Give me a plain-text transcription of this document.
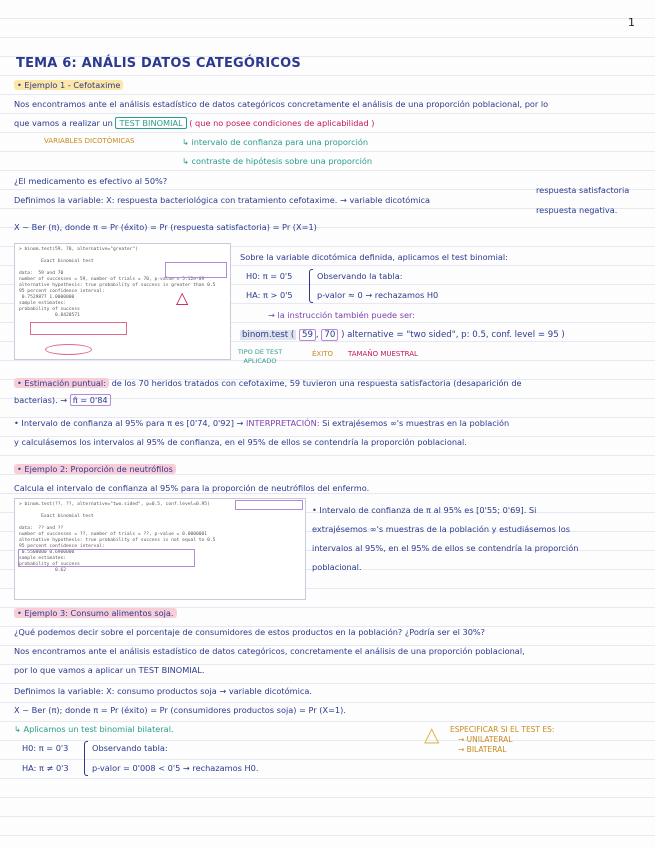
1
TEMA 6: ANÁLIS DATOS CATEGÓRICOS
• Ejemplo 1 - Cefotaxime
Nos encontramos ante el análisis estadístico de datos categóricos concretamente el análisis de una proporción poblacional, por lo
que vamos a realizar un TEST BINOMIAL ( que no posee condiciones de aplicabilidad )
VARIABLES DICOTÓMICAS	↳ intervalo de confianza para una proporción
↳ contraste de hipótesis sobre una proporción
¿El medicamento es efectivo al 50%?
Definimos la variable: X: respuesta bacteriológica con tratamiento cefotaxime. → variable dicotómica
respuesta satisfactoria
respuesta negativa.
X ~ Ber (π), donde π = Pr (éxito) = Pr (respuesta satisfactoria) = Pr (X=1)
> binom.test(59, 70, alternative="greater")

Exact binomial test

data:  59 and 70
number of successes = 59, number of trials = 70, p-value = 5.12e-09
alternative hypothesis: true probability of success is greater than 0.5
95 percent confidence interval:
0.7529877 1.0000000
sample estimates:
probability of success
0.8428571
△
Sobre la variable dicotómica definida, aplicamos el test binomial:
H0: π = 0'5
HA: π > 0'5
Observando la tabla:
p-valor ≈ 0 → rechazamos H0
→ la instrucción también puede ser:
binom.test ( 59 , 70 ) alternative = "two sided", p: 0.5, conf. level = 95 )
TIPO DE TEST APLICADO
ÉXITO TAMAÑO MUESTRAL
• Estimación puntual: de los 70 heridos tratados con cefotaxime, 59 tuvieron una respuesta satisfactoria (desaparición de
bacterias). → π̂ = 0'84
• Intervalo de confianza al 95% para π es [0'74, 0'92] → INTERPRETACIÓN: Si extrajésemos ∞'s muestras en la población
y calculásemos los intervalos al 95% de confianza, en el 95% de ellos se contendría la proporción poblacional.
• Ejemplo 2: Proporción de neutrófilos
Calcula el intervalo de confianza al 95% para la proporción de neutrófilos del enfermo.
> binom.test(??, ??, alternative="two.sided", p=0.5, conf.level=0.95)

Exact binomial test

data:  ?? and ??
number of successes = ??, number of trials = ??, p-value = 0.0000001
alternative hypothesis: true probability of success is not equal to 0.5
95 percent confidence interval:
0.5500000 0.6900000
sample estimates:
probability of success
0.62
• Intervalo de confianza de π al 95% es [0'55; 0'69]. Si
extrajésemos ∞'s muestras de la población y estudiásemos los
intervalos al 95%, en el 95% de ellos se contendría la proporción
poblacional.
• Ejemplo 3: Consumo alimentos soja.
¿Qué podemos decir sobre el porcentaje de consumidores de estos productos en la población? ¿Podría ser el 30%?
Nos encontramos ante el análisis estadístico de datos categóricos, concretamente el análisis de una proporción poblacional,
por lo que vamos a aplicar un TEST BINOMIAL.
Definimos la variable: X: consumo productos soja → variable dicotómica.
X ~ Ber (π); donde π = Pr (éxito) = Pr (consumidores productos soja) = Pr (X=1).
↳ Aplicamos un test binomial bilateral.
H0: π = 0'3
HA: π ≠ 0'3
Observando tabla:
p-valor = 0'008 < 0'5 → rechazamos H0.
△ ESPECIFICAR SI EL TEST ES:
→ UNILATERAL
→ BILATERAL
